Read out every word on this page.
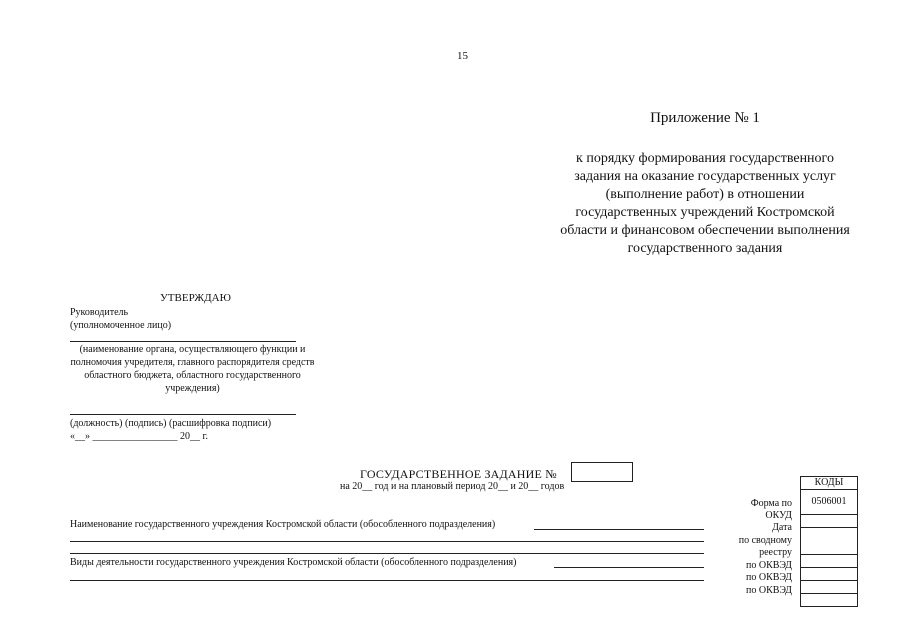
15
Приложение № 1
к порядку формирования государственного задания на оказание государственных услуг (выполнение работ) в отношении государственных учреждений Костромской области и финансовом обеспечении выполнения государственного задания
УТВЕРЖДАЮ
Руководитель
(уполномоченное лицо)
(наименование органа, осуществляющего функции и полномочия учредителя, главного распорядителя средств областного бюджета, областного государственного учреждения)
(должность) (подпись) (расшифровка подписи)
«__» _________________ 20__ г.
ГОСУДАРСТВЕННОЕ ЗАДАНИЕ №
на 20__ год и на плановый период 20__ и 20__ годов
Форма по
ОКУД
Дата
по сводному
реестру
по ОКВЭД
по ОКВЭД
по ОКВЭД
КОДЫ
0506001
Наименование государственного учреждения Костромской области (обособленного подразделения)
Виды деятельности государственного учреждения Костромской области (обособленного подразделения)
